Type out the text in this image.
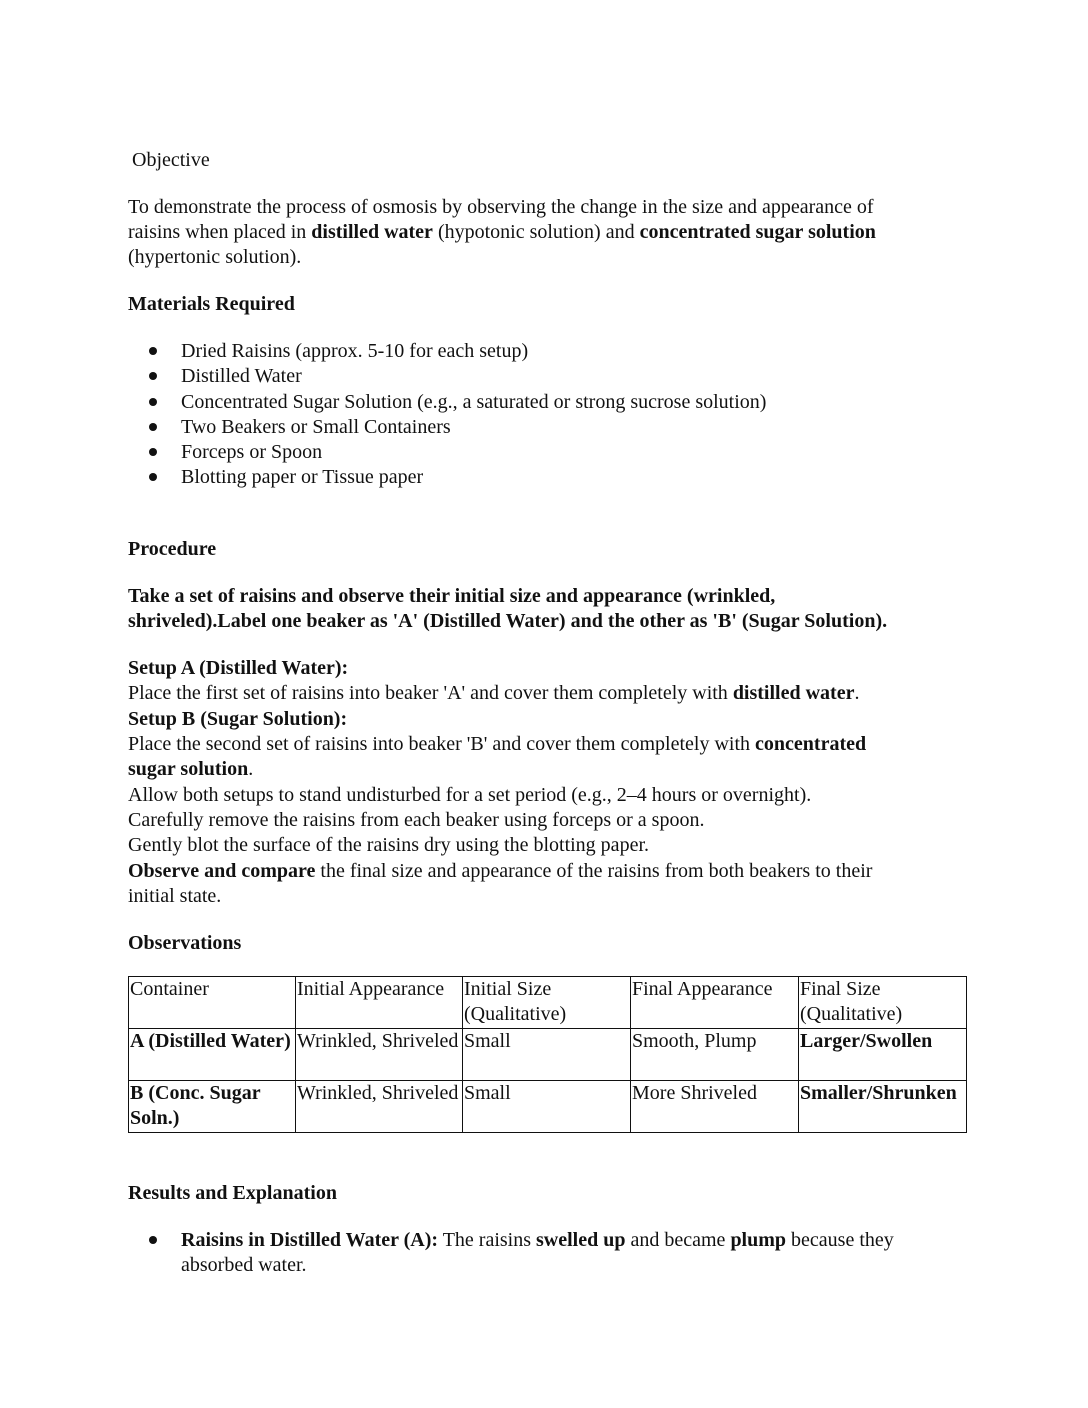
Objective
To demonstrate the process of osmosis by observing the change in the size and appearance of
raisins when placed in distilled water (hypotonic solution) and concentrated sugar solution
(hypertonic solution).
Materials Required
Dried Raisins (approx. 5-10 for each setup)
Distilled Water
Concentrated Sugar Solution (e.g., a saturated or strong sucrose solution)
Two Beakers or Small Containers
Forceps or Spoon
Blotting paper or Tissue paper
Procedure
Take a set of raisins and observe their initial size and appearance (wrinkled,
shriveled).Label one beaker as 'A' (Distilled Water) and the other as 'B' (Sugar Solution).
Setup A (Distilled Water):
Place the first set of raisins into beaker 'A' and cover them completely with distilled water.
Setup B (Sugar Solution):
Place the second set of raisins into beaker 'B' and cover them completely with concentrated
sugar solution.
Allow both setups to stand undisturbed for a set period (e.g., 2–4 hours or overnight).
Carefully remove the raisins from each beaker using forceps or a spoon.
Gently blot the surface of the raisins dry using the blotting paper.
Observe and compare the final size and appearance of the raisins from both beakers to their
initial state.
Observations
Container	Initial Appearance	Initial Size (Qualitative)	Final Appearance	Final Size (Qualitative)
A (Distilled Water)	Wrinkled, Shriveled	Small	Smooth, Plump	Larger/Swollen
B (Conc. Sugar Soln.)	Wrinkled, Shriveled	Small	More Shriveled	Smaller/Shrunken
Results and Explanation
Raisins in Distilled Water (A): The raisins swelled up and became plump because they
absorbed water.
